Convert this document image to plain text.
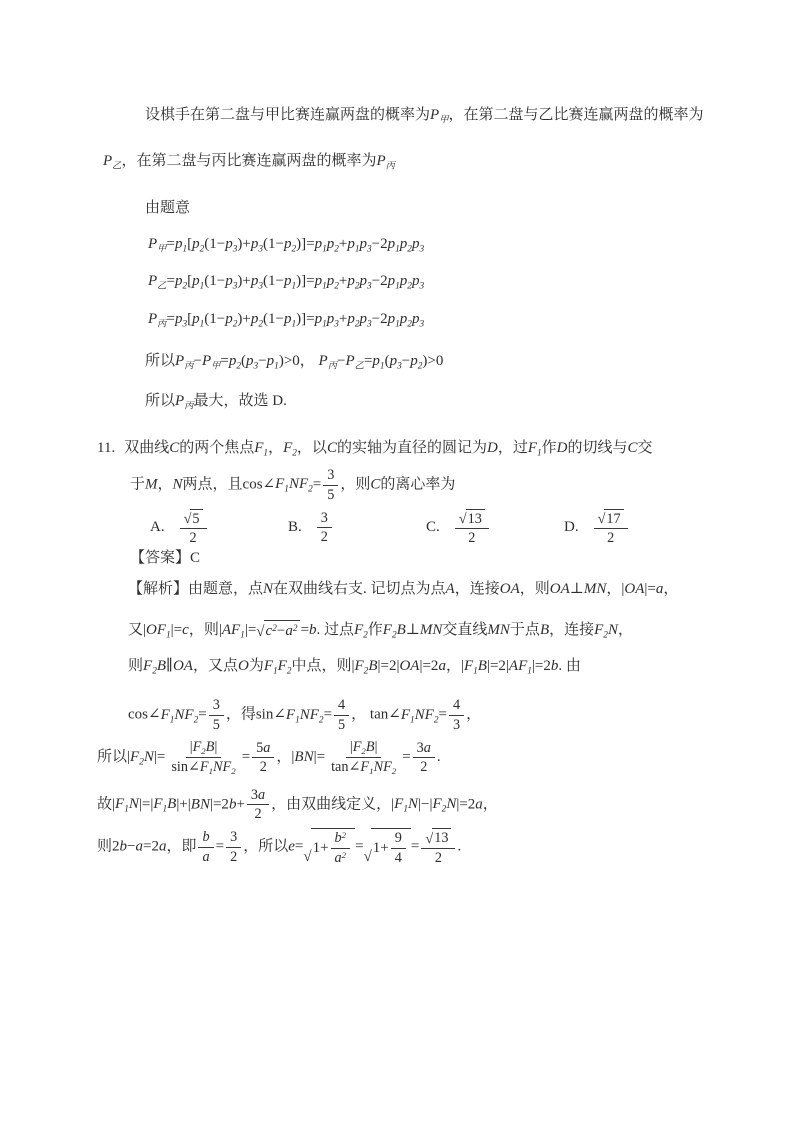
设棋手在第二盘与甲比赛连赢两盘的概率为$P_甲$，在第二盘与乙比赛连赢两盘的概率为
$P_乙$，在第二盘与丙比赛连赢两盘的概率为$P_丙$
由题意
$P_甲=p_1[p_2(1-p_3)+p_3(1-p_2)]=p_1p_2+p_1p_3-2p_1p_2p_3$
$P_乙=p_2[p_1(1-p_3)+p_3(1-p_1)]=p_1p_2+p_2p_3-2p_1p_2p_3$
$P_丙=p_3[p_1(1-p_2)+p_2(1-p_1)]=p_1p_3+p_2p_3-2p_1p_2p_3$
所以$P_丙-P_甲=p_2(p_3-p_1)>0$， $P_丙-P_乙=p_1(p_3-p_2)>0$
所以$P_丙$最大，故选 D.
11. 双曲线C的两个焦点$F_1$，$F_2$，以C的实轴为直径的圆记为D，过$F_1$作D的切线与C交
于M，N两点，且$\cos\angle F_1NF_2= \frac{3}{5}$ ，则C的离心率为
A. $\frac{√ 5}{2}$	B. $\frac{3}{2}$	C. $\frac{√ 13}{2}$	D. $\frac{√ 17}{2}$
【答案】C
【解析】由题意，点N在双曲线右支. 记切点为点A，连接OA，则OA⊥MN，|OA|=a，
又$|OF_1|=c$，则$|AF_1|=$ √ $c^2 - a^2 =b$. 过点$F_2$作$F_2B\perp MN$交直线MN于点B，连接$F_2N$，
则$F_2B\parallel OA$，又点O为$F_1F_2$中点，则$|F_2B|=2|OA|=2a$，$|F_1B|=2|AF_1|=2b$. 由
$\cos\angle F_1NF_2= \frac{3}{5}$ ，得$\sin\angle F_1NF_2= \frac{4}{5}$ ， $\tan\angle F_1NF_2= \frac{4}{3}$ ，
所以$|F_2N|= \frac{|F_2B|}{\sin\angle F_1NF_2} = \frac{5a}{2}$ ，$|BN|= \frac{|F_2B|}{\tan\angle F_1NF_2} = \frac{3a}{2}$ .
故$|F_1N|=|F_1B|+|BN|=2b+ \frac{3a}{2}$ ，由双曲线定义，$|F_1N|-|F_2N|=2a$，
则2b−a=2a，即 $\frac{b}{a} = \frac{3}{2}$ ，所以e=
√
$1+ \frac{b^2}{a^2}$ =
√
$1+ \frac{9}{4} = \frac{√ 13}{2}$ .
